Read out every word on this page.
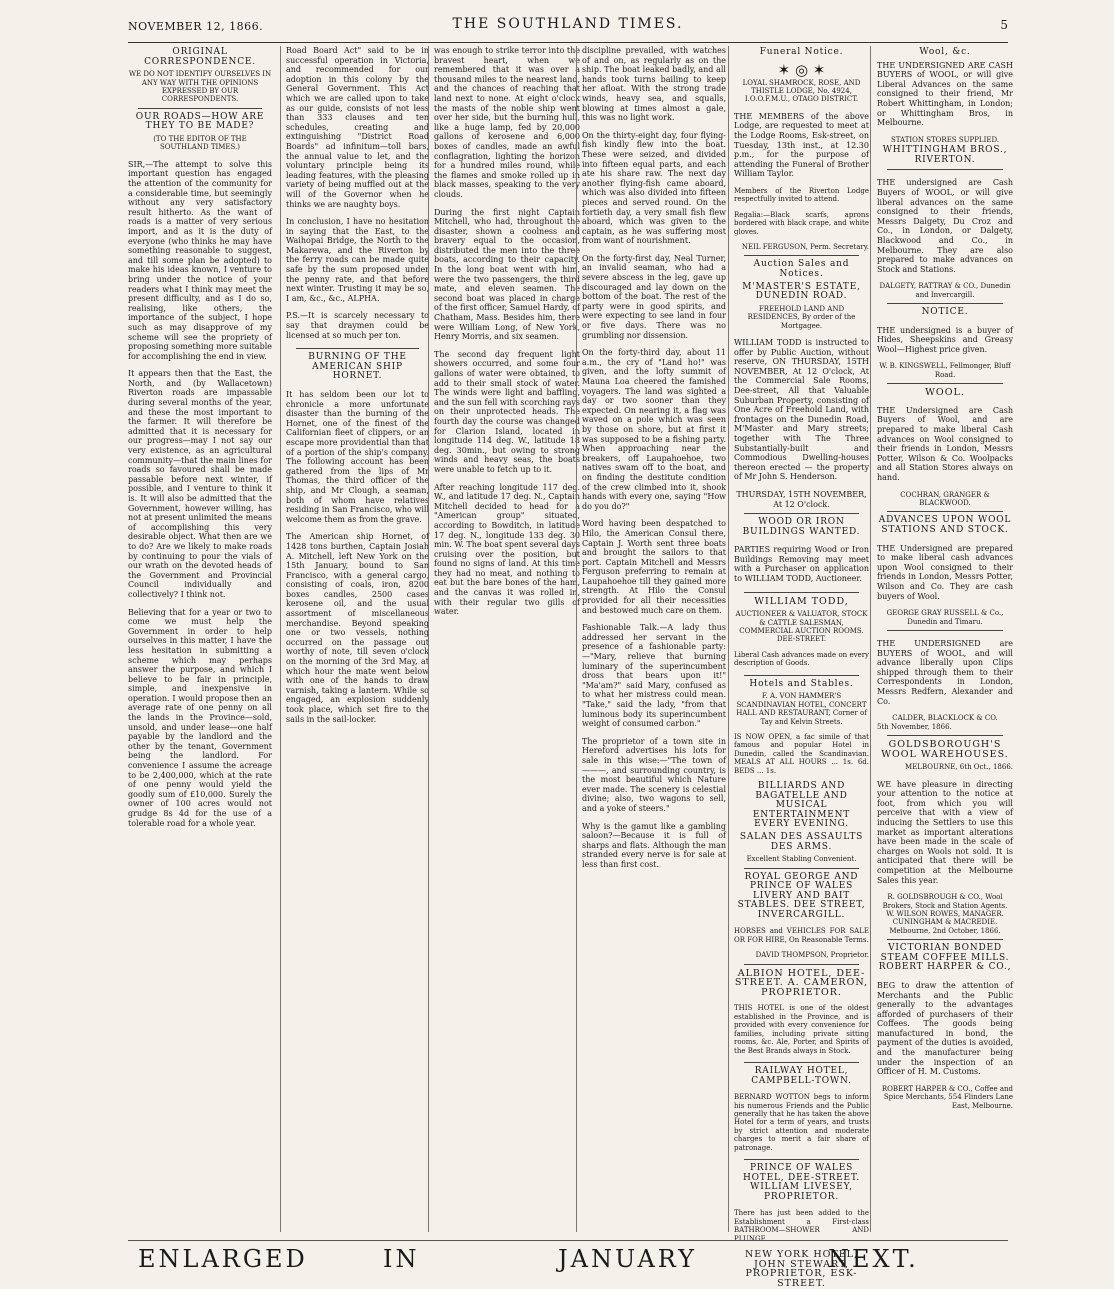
NOVEMBER 12, 1866.	THE SOUTHLAND TIMES.	5
ORIGINAL CORRESPONDENCE.
WE DO NOT IDENTIFY OURSELVES IN ANY WAY WITH THE OPINIONS EXPRESSED BY OUR CORRESPONDENTS.
OUR ROADS—HOW ARE THEY TO BE MADE?
(TO THE EDITOR OF THE SOUTHLAND TIMES.)

SIR,—The attempt to solve this important question has engaged the attention of the community for a considerable time, but seemingly without any very satisfactory result hitherto. As the want of roads is a matter of very serious import, and as it is the duty of everyone (who thinks he may have something reasonable to suggest, and till some plan be adopted) to make his ideas known, I venture to bring under the notice of your readers what I think may meet the present difficulty, and as I do so, realising, like others, the importance of the subject, I hope such as may disapprove of my scheme will see the propriety of proposing something more suitable for accomplishing the end in view.

It appears then that the East, the North, and (by Wallacetown) Riverton roads are impassable during several months of the year, and these the most important to the farmer. It will therefore be admitted that it is necessary for our progress—may I not say our very existence, as an agricultural community—that the main lines for roads so favoured shall be made passable before next winter, if possible, and I venture to think it is. It will also be admitted that the Government, however willing, has not at present unlimited the means of accomplishing this very desirable object. What then are we to do? Are we likely to make roads by continuing to pour the vials of our wrath on the devoted heads of the Government and Provincial Council individually and collectively? I think not.

Believing that for a year or two to come we must help the Government in order to help ourselves in this matter, I have the less hesitation in submitting a scheme which may perhaps answer the purpose, and which I believe to be fair in principle, simple, and inexpensive in operation. I would propose then an average rate of one penny on all the lands in the Province—sold, unsold, and under lease—one half payable by the landlord and the other by the tenant, Government being the landlord. For convenience I assume the acreage to be 2,400,000, which at the rate of one penny would yield the goodly sum of £10,000. Surely the owner of 100 acres would not grudge 8s 4d for the use of a tolerable road for a whole year.

Road Board Act" said to be in successful operation in Victoria, and recommended for our adoption in this colony by the General Government. This Act which we are called upon to take as our guide, consists of not less than 333 clauses and ten schedules, creating and extinguishing "District Road Boards" ad infinitum—toll bars, the annual value to let, and the voluntary principle being its leading features, with the pleasing variety of being muffled out at the will of the Governor when he thinks we are naughty boys.

In conclusion, I have no hesitation in saying that the East, to the Waihopai Bridge, the North to the Makarewa, and the Riverton by the ferry roads can be made quite safe by the sum proposed under the penny rate, and that before next winter. Trusting it may be so, I am, &c., &c., ALPHA.

P.S.—It is scarcely necessary to say that draymen could be licensed at so much per ton.

BURNING OF THE AMERICAN SHIP HORNET.

It has seldom been our lot to chronicle a more unfortunate disaster than the burning of the Hornet, one of the finest of the Californian fleet of clippers, or an escape more providential than that of a portion of the ship's company. The following account has been gathered from the lips of Mr Thomas, the third officer of the ship, and Mr Clough, a seaman, both of whom have relatives residing in San Francisco, who will welcome them as from the grave.

The American ship Hornet, of 1428 tons burthen, Captain Josiah A. Mitchell, left New York on the 15th January, bound to San Francisco, with a general cargo, consisting of coals, iron, 8200 boxes candles, 2500 cases kerosene oil, and the usual assortment of miscellaneous merchandise. Beyond speaking one or two vessels, nothing occurred on the passage out worthy of note, till seven o'clock on the morning of the 3rd May, at which hour the mate went below with one of the hands to draw varnish, taking a lantern. While so engaged, an explosion suddenly took place, which set fire to the sails in the sail-locker.

was enough to strike terror into the bravest heart, when we remembered that it was over a thousand miles to the nearest land, and the chances of reaching that land next to none. At eight o'clock the masts of the noble ship went over her side, but the burning hull, like a huge lamp, fed by 20,000 gallons of kerosene and 6,000 boxes of candles, made an awful conflagration, lighting the horizon for a hundred miles round, while the flames and smoke rolled up in black masses, speaking to the very clouds.

During the first night Captain Mitchell, who had, throughout the disaster, shown a coolness and bravery equal to the occasion, distributed the men into the three boats, according to their capacity. In the long boat went with him, were the two passengers, the third mate, and eleven seamen. The second boat was placed in charge of the first officer, Samuel Hardy, of Chatham, Mass. Besides him, there were William Long, of New York, Henry Morris, and six seamen.

The second day frequent light showers occurred, and some four gallons of water were obtained, to add to their small stock of water. The winds were light and baffling, and the sun fell with scorching rays on their unprotected heads. The fourth day the course was changed for Clarion Island, located in longitude 114 deg. W., latitude 18 deg. 30min., but owing to strong winds and heavy seas, the boats were unable to fetch up to it.

After reaching longitude 117 deg. W., and latitude 17 deg. N., Captain Mitchell decided to head for a "American group" situated, according to Bowditch, in latitude 17 deg. N., longitude 133 deg. 30 min. W. The boat spent several days cruising over the position, but found no signs of land. At this time they had no meat, and nothing to eat but the bare bones of the ham, and the canvas it was rolled in, with their regular two gills of water.

discipline prevailed, with watches of and on, as regularly as on the ship. The boat leaked badly, and all hands took turns bailing to keep her afloat. With the strong trade winds, heavy sea, and squalls, blowing at times almost a gale, this was no light work.

On the thirty-eight day, four flying-fish kindly flew into the boat. These were seized, and divided into fifteen equal parts, and each ate his share raw. The next day another flying-fish came aboard, which was also divided into fifteen pieces and served round. On the fortieth day, a very small fish flew aboard, which was given to the captain, as he was suffering most from want of nourishment.

On the forty-first day, Neal Turner, an invalid seaman, who had a severe abscess in the leg, gave up discouraged and lay down on the bottom of the boat. The rest of the party were in good spirits, and were expecting to see land in four or five days. There was no grumbling nor dissension.

On the forty-third day, about 11 a.m., the cry of "Land ho!" was given, and the lofty summit of Mauna Loa cheered the famished voyagers. The land was sighted a day or two sooner than they expected. On nearing it, a flag was waved on a pole which was seen by those on shore, but at first it was supposed to be a fishing party. When approaching near the breakers, off Laupahoehoe, two natives swam off to the boat, and on finding the destitute condition of the crew climbed into it, shook hands with every one, saying "How do you do?"

Word having been despatched to Hilo, the American Consul there, Captain J. Worth sent three boats and brought the sailors to that port. Captain Mitchell and Messrs Ferguson preferring to remain at Laupahoehoe till they gained more strength. At Hilo the Consul provided for all their necessities and bestowed much care on them.

Fashionable Talk.—A lady thus addressed her servant in the presence of a fashionable party:—"Mary, relieve that burning luminary of the superincumbent dross that bears upon it!" "Ma'am?" said Mary, confused as to what her mistress could mean. "Take," said the lady, "from that luminous body its superincumbent weight of consumed carbon."

The proprietor of a town site in Hereford advertises his lots for sale in this wise:—"The town of ———, and surrounding country, is the most beautiful which Nature ever made. The scenery is celestial divine; also, two wagons to sell, and a yoke of steers."

Why is the gamut like a gambling saloon?—Because it is full of sharps and flats. Although the man stranded every nerve is for sale at less than first cost.

Funeral Notice.
✶ ◎ ✶
LOYAL SHAMROCK, ROSE, AND THISTLE LODGE, No. 4924, I.O.O.F.M.U., OTAGO DISTRICT.

THE MEMBERS of the above Lodge, are requested to meet at the Lodge Rooms, Esk-street, on Tuesday, 13th inst., at 12.30 p.m., for the purpose of attending the Funeral of Brother William Taylor.

Members of the Riverton Lodge respectfully invited to attend.

Regalia:—Black scarfs, aprons bordered with black crape, and white gloves.

NEIL FERGUSON, Perm. Secretary.
Auction Sales and Notices.
M'MASTER'S ESTATE, DUNEDIN ROAD.
FREEHOLD LAND AND RESIDENCES, By order of the Mortgagee.

WILLIAM TODD is instructed to offer by Public Auction, without reserve, ON THURSDAY, 15TH NOVEMBER, At 12 O'clock, At the Commercial Sale Rooms, Dee-street, All that Valuable Suburban Property, consisting of One Acre of Freehold Land, with frontages on the Dunedin Road, M'Master and Mary streets; together with The Three Substantially-built and Commodious Dwelling-houses thereon erected — the property of Mr John S. Henderson.

THURSDAY, 15TH NOVEMBER, At 12 O'clock.
WOOD OR IRON BUILDINGS WANTED.

PARTIES requiring Wood or Iron Buildings Removing may meet with a Purchaser on application to WILLIAM TODD, Auctioneer.

WILLIAM TODD,
AUCTIONEER & VALUATOR, STOCK & CATTLE SALESMAN, COMMERCIAL AUCTION ROOMS. DEE-STREET.

Liberal Cash advances made on every description of Goods.

Hotels and Stables.
F. A. VON HAMMER'S SCANDINAVIAN HOTEL, CONCERT HALL AND RESTAURANT, Corner of Tay and Kelvin Streets.

IS NOW OPEN, a fac simile of that famous and popular Hotel in Dunedin, called the Scandinavian. MEALS AT ALL HOURS ... 1s. 6d. BEDS ... 1s.

BILLIARDS AND BAGATELLE AND MUSICAL ENTERTAINMENT EVERY EVENING.
SALAN DES ASSAULTS DES ARMS.
Excellent Stabling Convenient.
ROYAL GEORGE AND PRINCE OF WALES LIVERY AND BAIT STABLES. DEE STREET, INVERCARGILL.

HORSES and VEHICLES FOR SALE OR FOR HIRE, On Reasonable Terms.

DAVID THOMPSON, Proprietor.
ALBION HOTEL, DEE-STREET. A. CAMERON, PROPRIETOR.

THIS HOTEL is one of the oldest established in the Province, and is provided with every convenience for families, including private sitting rooms, &c. Ale, Porter, and Spirits of the Best Brands always in Stock.

RAILWAY HOTEL, CAMPBELL-TOWN.

BERNARD WOTTON begs to inform his numerous Friends and the Public generally that he has taken the above Hotel for a term of years, and trusts by strict attention and moderate charges to merit a fair share of patronage.

PRINCE OF WALES HOTEL, DEE-STREET. WILLIAM LIVESEY, PROPRIETOR.

There has just been added to the Establishment a First-class BATHROOM—SHOWER AND PLUNGE.

NEW YORK HOTEL, JOHN STEWART, PROPRIETOR, ESK-STREET.
Wool, &c.

THE UNDERSIGNED ARE CASH BUYERS of WOOL, or will give Liberal Advances on the same consigned to their friend, Mr Robert Whittingham, in London; or Whittingham Bros, in Melbourne.

STATION STORES SUPPLIED.
WHITTINGHAM BROS., RIVERTON.

THE undersigned are Cash Buyers of WOOL, or will give liberal advances on the same consigned to their friends, Messrs Dalgety, Du Croz and Co., in London, or Dalgety, Blackwood and Co., in Melbourne. They are also prepared to make advances on Stock and Stations.

DALGETY, RATTRAY & CO., Dunedin and Invercargill.
NOTICE.

THE undersigned is a buyer of Hides, Sheepskins and Greasy Wool—Highest price given.

W. B. KINGSWELL, Fellmonger, Bluff Road.
WOOL.

THE Undersigned are Cash Buyers of Wool, and are prepared to make liberal Cash advances on Wool consigned to their friends in London, Messrs Potter, Wilson & Co. Woolpacks and all Station Stores always on hand.

COCHRAN, GRANGER & BLACKWOOD.
ADVANCES UPON WOOL STATIONS AND STOCK.

THE Undersigned are prepared to make liberal cash advances upon Wool consigned to their friends in London, Messrs Potter, Wilson and Co. They are cash buyers of Wool.

GEORGE GRAY RUSSELL & Co., Dunedin and Timaru.

THE UNDERSIGNED are BUYERS of WOOL, and will advance liberally upon Clips shipped through them to their Correspondents in London, Messrs Redfern, Alexander and Co.

CALDER, BLACKLOCK & CO.
5th November, 1866.
GOLDSBOROUGH'S WOOL WAREHOUSES.
MELBOURNE, 6th Oct., 1866.

WE have pleasure in directing your attention to the notice at foot, from which you will perceive that with a view of inducing the Settlers to use this market as important alterations have been made in the scale of charges on Wools not sold. It is anticipated that there will be competition at the Melbourne Sales this year.

R. GOLDSBROUGH & CO., Wool Brokers, Stock and Station Agents.
W. WILSON ROWES, MANAGER. CUNINGHAM & MACREDIE. Melbourne, 2nd October, 1866.
VICTORIAN BONDED STEAM COFFEE MILLS. ROBERT HARPER & CO.,

BEG to draw the attention of Merchants and the Public generally to the advantages afforded of purchasers of their Coffees. The goods being manufactured in bond, the payment of the duties is avoided, and the manufacturer being under the inspection of an Officer of H. M. Customs.

ROBERT HARPER & CO., Coffee and Spice Merchants, 554 Flinders Lane East, Melbourne.
ENLARGED	IN	JANUARY	NEXT.
